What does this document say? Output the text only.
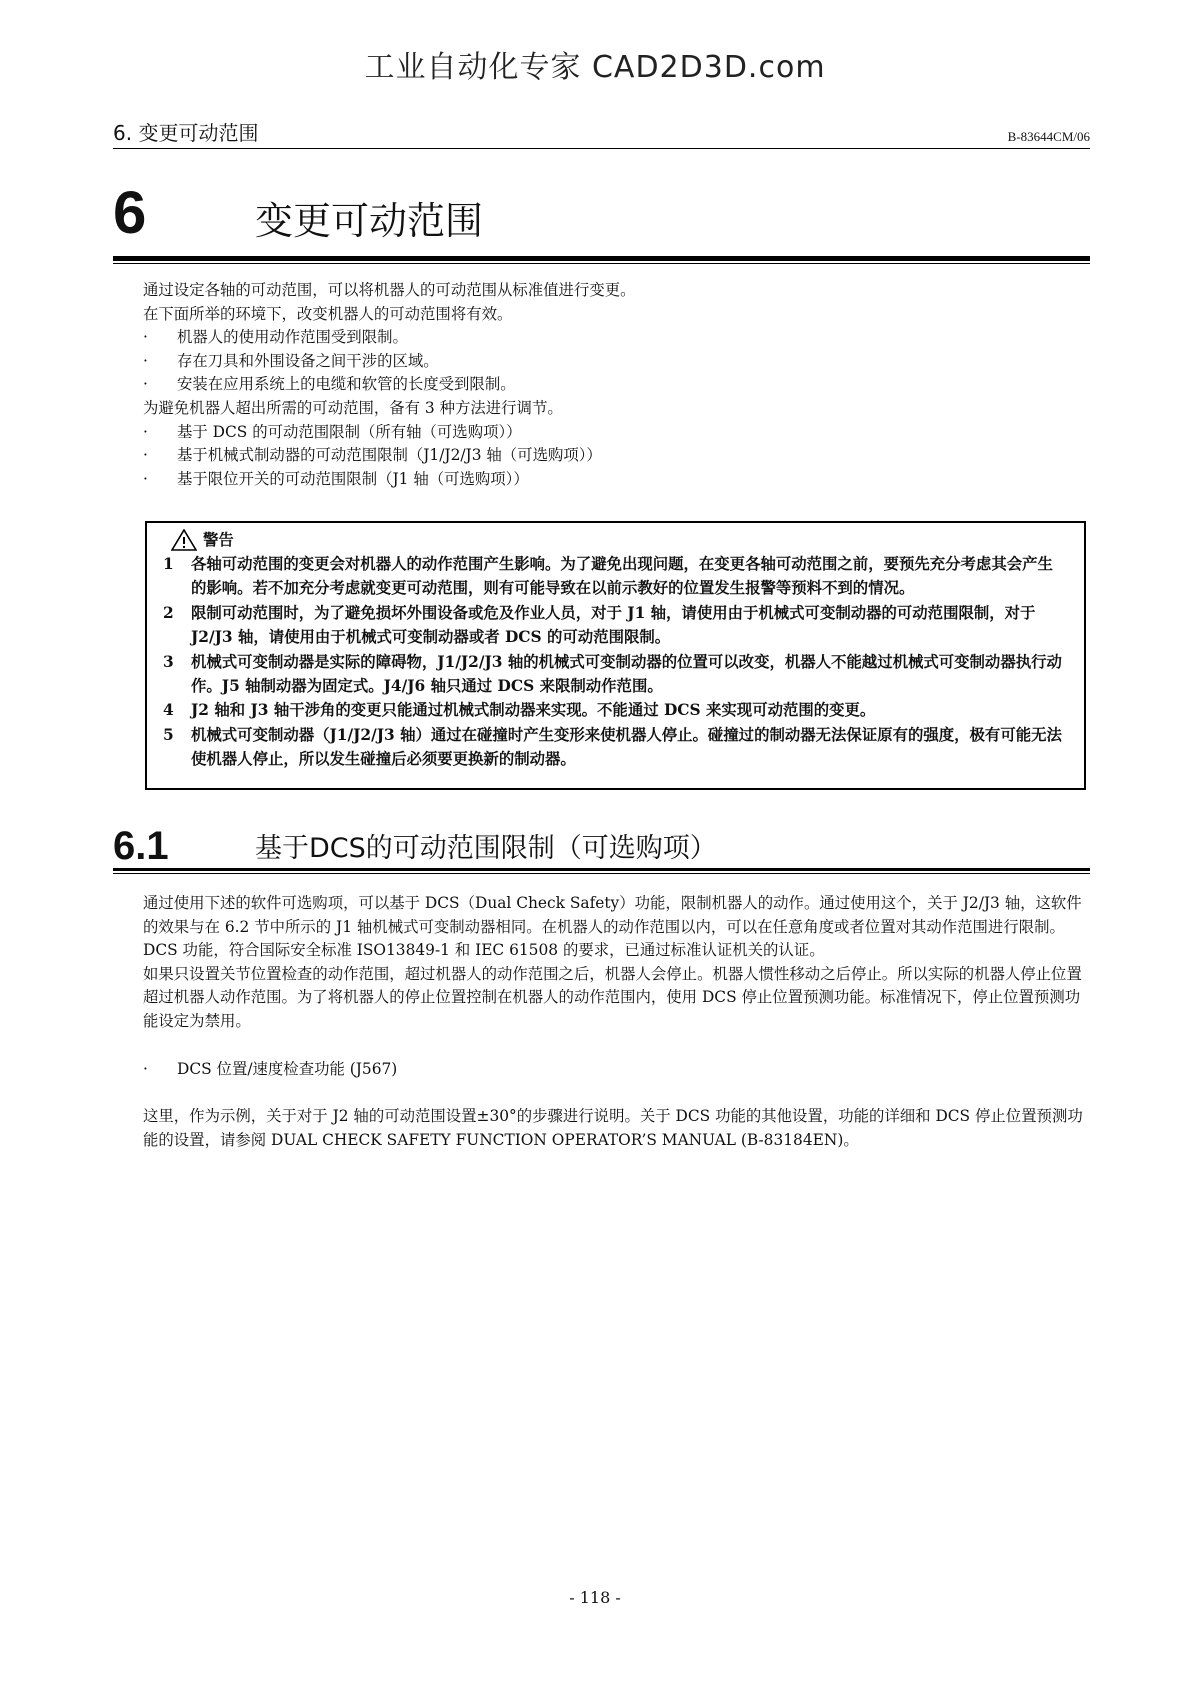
工业自动化专家 CAD2D3D.com
6. 变更可动范围	B-83644CM/06
6	变更可动范围

通过设定各轴的可动范围，可以将机器人的可动范围从标准值进行变更。

在下面所举的环境下，改变机器人的可动范围将有效。

·	机器人的使用动作范围受到限制。
·	存在刀具和外围设备之间干涉的区域。
·	安装在应用系统上的电缆和软管的长度受到限制。

为避免机器人超出所需的可动范围，备有 3 种方法进行调节。

·	基于 DCS 的可动范围限制（所有轴（可选购项））
·	基于机械式制动器的可动范围限制（J1/J2/J3 轴（可选购项））
·	基于限位开关的可动范围限制（J1 轴（可选购项））
警告
1	各轴可动范围的变更会对机器人的动作范围产生影响。为了避免出现问题，在变更各轴可动范围之前，要预先充分考虑其会产生的影响。若不加充分考虑就变更可动范围，则有可能导致在以前示教好的位置发生报警等预料不到的情况。
2	限制可动范围时，为了避免损坏外围设备或危及作业人员，对于 J1 轴，请使用由于机械式可变制动器的可动范围限制，对于 J2/J3 轴，请使用由于机械式可变制动器或者 DCS 的可动范围限制。
3	机械式可变制动器是实际的障碍物，J1/J2/J3 轴的机械式可变制动器的位置可以改变，机器人不能越过机械式可变制动器执行动作。J5 轴制动器为固定式。J4/J6 轴只通过 DCS 来限制动作范围。
4	J2 轴和 J3 轴干涉角的变更只能通过机械式制动器来实现。不能通过 DCS 来实现可动范围的变更。
5	机械式可变制动器（J1/J2/J3 轴）通过在碰撞时产生变形来使机器人停止。碰撞过的制动器无法保证原有的强度，极有可能无法使机器人停止，所以发生碰撞后必须要更换新的制动器。
6.1	基于DCS的可动范围限制（可选购项）

通过使用下述的软件可选购项，可以基于 DCS（Dual Check Safety）功能，限制机器人的动作。通过使用这个，关于 J2/J3 轴，这软件的效果与在 6.2 节中所示的 J1 轴机械式可变制动器相同。在机器人的动作范围以内，可以在任意角度或者位置对其动作范围进行限制。DCS 功能，符合国际安全标准 ISO13849-1 和 IEC 61508 的要求，已通过标准认证机关的认证。

如果只设置关节位置检查的动作范围，超过机器人的动作范围之后，机器人会停止。机器人惯性移动之后停止。所以实际的机器人停止位置超过机器人动作范围。为了将机器人的停止位置控制在机器人的动作范围内，使用 DCS 停止位置预测功能。标准情况下，停止位置预测功能设定为禁用。

·	DCS 位置/速度检查功能 (J567)

这里，作为示例，关于对于 J2 轴的可动范围设置±30°的步骤进行说明。关于 DCS 功能的其他设置，功能的详细和 DCS 停止位置预测功能的设置，请参阅 DUAL CHECK SAFETY FUNCTION OPERATOR’S MANUAL (B-83184EN)。

- 118 -
